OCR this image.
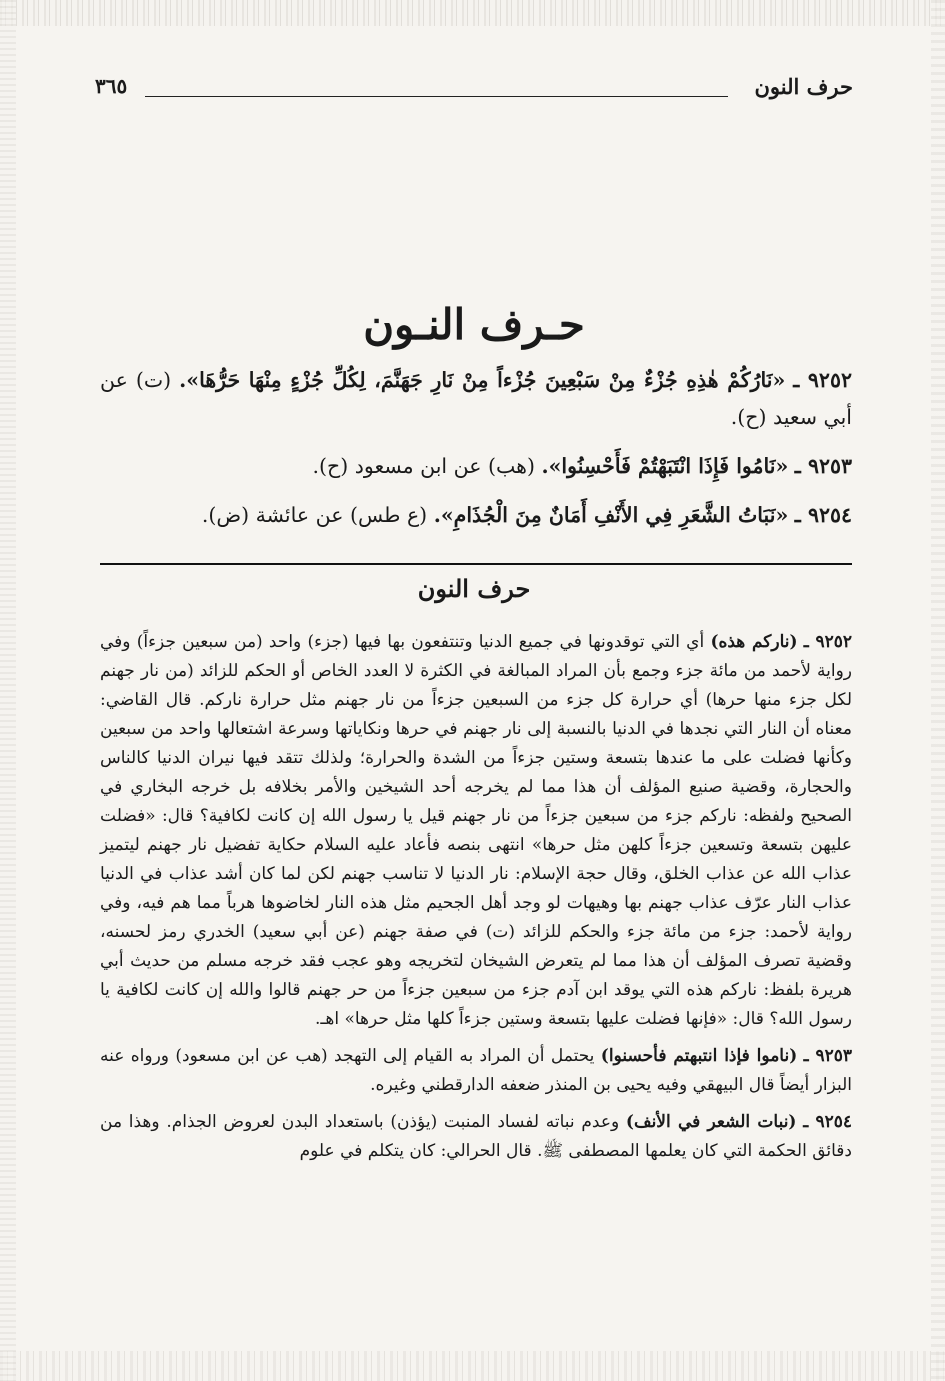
حرف النون
٣٦٥
حـرف النـون

٩٢٥٢ ـ «نَارُكُمْ هٰذِهِ جُزْءٌ مِنْ سَبْعِينَ جُزْءاً مِنْ نَارِ جَهَنَّمَ، لِكُلِّ جُزْءٍ مِنْهَا حَرُّهَا». (ت) عن أبي سعيد (ح).

٩٢٥٣ ـ «نَامُوا فَإِذَا انْتَبَهْتُمْ فَأَحْسِنُوا». (هب) عن ابن مسعود (ح).

٩٢٥٤ ـ «نَبَاتُ الشَّعَرِ فِي الأَنْفِ أَمَانٌ مِنَ الْجُذَامِ». (ع طس) عن عائشة (ض).

حرف النون

٩٢٥٢ ـ (ناركم هذه) أي التي توقدونها في جميع الدنيا وتنتفعون بها فيها (جزء) واحد (من سبعين جزءاً) وفي رواية لأحمد من مائة جزء وجمع بأن المراد المبالغة في الكثرة لا العدد الخاص أو الحكم للزائد (من نار جهنم لكل جزء منها حرها) أي حرارة كل جزء من السبعين جزءاً من نار جهنم مثل حرارة ناركم. قال القاضي: معناه أن النار التي نجدها في الدنيا بالنسبة إلى نار جهنم في حرها ونكاياتها وسرعة اشتعالها واحد من سبعين وكأنها فضلت على ما عندها بتسعة وستين جزءاً من الشدة والحرارة؛ ولذلك تتقد فيها نيران الدنيا كالناس والحجارة، وقضية صنيع المؤلف أن هذا مما لم يخرجه أحد الشيخين والأمر بخلافه بل خرجه البخاري في الصحيح ولفظه: ناركم جزء من سبعين جزءاً من نار جهنم قيل يا رسول الله إن كانت لكافية؟ قال: «فضلت عليهن بتسعة وتسعين جزءاً كلهن مثل حرها» انتهى بنصه فأعاد عليه السلام حكاية تفضيل نار جهنم ليتميز عذاب الله عن عذاب الخلق، وقال حجة الإسلام: نار الدنيا لا تناسب جهنم لكن لما كان أشد عذاب في الدنيا عذاب النار عرّف عذاب جهنم بها وهيهات لو وجد أهل الجحيم مثل هذه النار لخاضوها هرباً مما هم فيه، وفي رواية لأحمد: جزء من مائة جزء والحكم للزائد (ت) في صفة جهنم (عن أبي سعيد) الخدري رمز لحسنه، وقضية تصرف المؤلف أن هذا مما لم يتعرض الشيخان لتخريجه وهو عجب فقد خرجه مسلم من حديث أبي هريرة بلفظ: ناركم هذه التي يوقد ابن آدم جزء من سبعين جزءاً من حر جهنم قالوا والله إن كانت لكافية يا رسول الله؟ قال: «فإنها فضلت عليها بتسعة وستين جزءاً كلها مثل حرها» اهـ.

٩٢٥٣ ـ (ناموا فإذا انتبهتم فأحسنوا) يحتمل أن المراد به القيام إلى التهجد (هب عن ابن مسعود) ورواه عنه البزار أيضاً قال البيهقي وفيه يحيى بن المنذر ضعفه الدارقطني وغيره.

٩٢٥٤ ـ (نبات الشعر في الأنف) وعدم نباته لفساد المنبت (يؤذن) باستعداد البدن لعروض الجذام. وهذا من دقائق الحكمة التي كان يعلمها المصطفى ﷺ. قال الحرالي: كان يتكلم في علوم
